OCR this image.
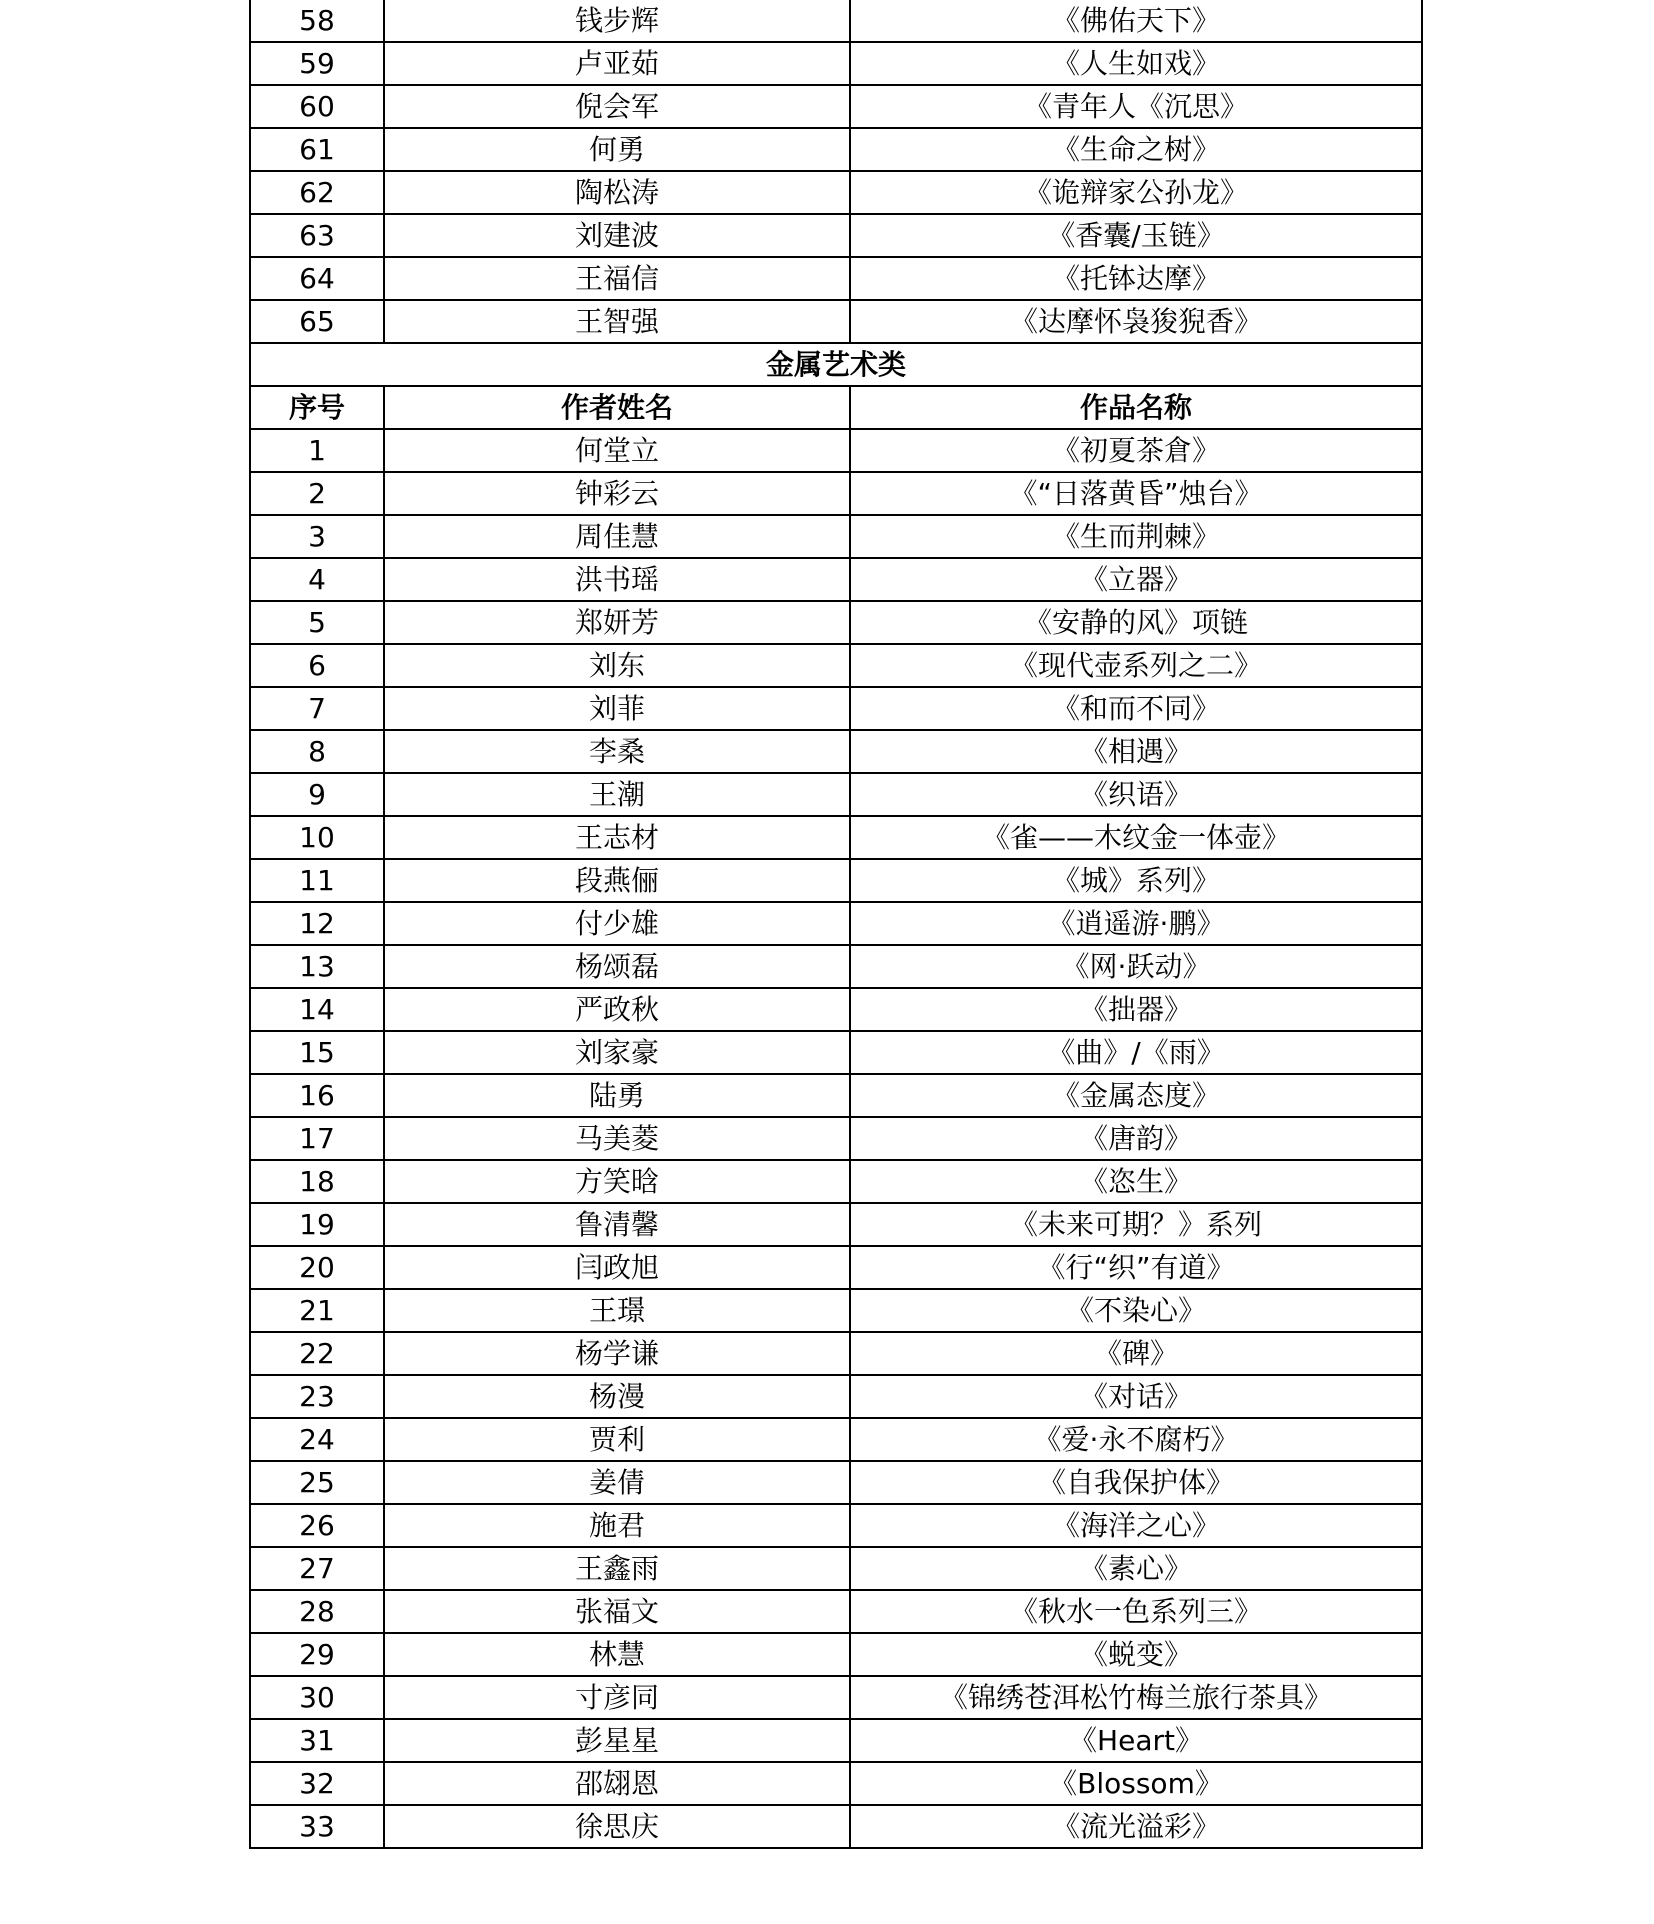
58	钱步辉	《佛佑天下》
59	卢亚茹	《人生如戏》
60	倪会军	《青年人《沉思》
61	何勇	《生命之树》
62	陶松涛	《诡辩家公孙龙》
63	刘建波	《香囊/玉链》
64	王福信	《托钵达摩》
65	王智强	《达摩怀袅狻猊香》
金属艺术类		
序号	作者姓名	作品名称
1	何堂立	《初夏茶倉》
2	钟彩云	《“日落黄昏”烛台》
3	周佳慧	《生而荆棘》
4	洪书瑶	《立器》
5	郑妍芳	《安静的风》项链
6	刘东	《现代壶系列之二》
7	刘菲	《和而不同》
8	李桑	《相遇》
9	王潮	《织语》
10	王志材	《雀——木纹金一体壶》
11	段燕俪	《城》系列》
12	付少雄	《逍遥游·鹏》
13	杨颂磊	《网·跃动》
14	严政秋	《拙器》
15	刘家豪	《曲》/《雨》
16	陆勇	《金属态度》
17	马美菱	《唐韵》
18	方笑晗	《恣生》
19	鲁清馨	《未来可期？》系列
20	闫政旭	《行“织”有道》
21	王璟	《不染心》
22	杨学谦	《碑》
23	杨漫	《对话》
24	贾利	《爱·永不腐朽》
25	姜倩	《自我保护体》
26	施君	《海洋之心》
27	王鑫雨	《素心》
28	张福文	《秋水一色系列三》
29	林慧	《蜕变》
30	寸彦同	《锦绣苍洱松竹梅兰旅行茶具》
31	彭星星	《Heart》
32	邵翃恩	《Blossom》
33	徐思庆	《流光溢彩》
